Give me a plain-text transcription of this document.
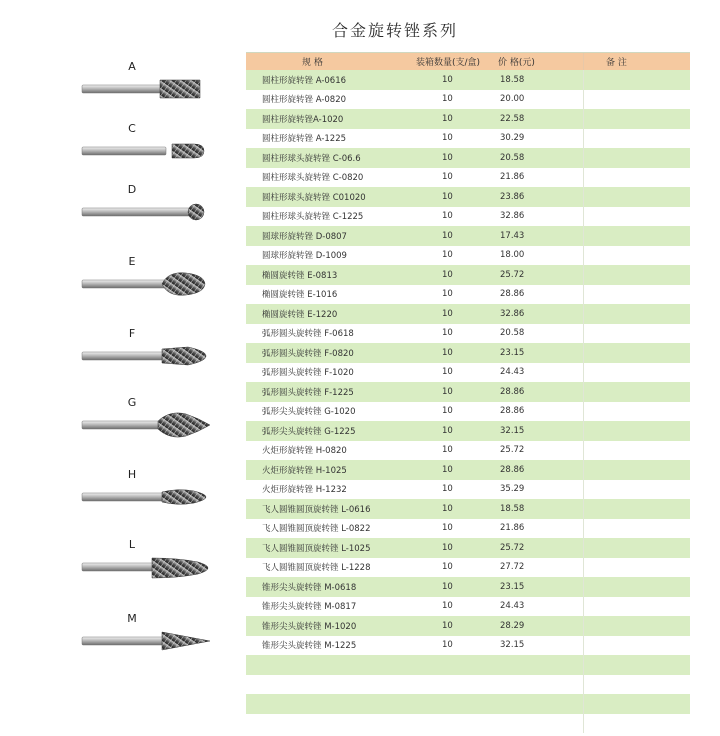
合金旋转锉系列
A
C
D
E
F
G
H
L
M
规 格	装箱数量(支/盒)	价 格(元)	备 注
圆柱形旋转锉 A-0616	10	18.58
圆柱形旋转锉 A-0820	10	20.00
圆柱形旋转锉A-1020	10	22.58
圆柱形旋转锉 A-1225	10	30.29
圆柱形球头旋转锉 C-06.6	10	20.58
圆柱形球头旋转锉 C-0820	10	21.86
圆柱形球头旋转锉 C01020	10	23.86
圆柱形球头旋转锉 C-1225	10	32.86
圆球形旋转锉 D-0807	10	17.43
圆球形旋转锉 D-1009	10	18.00
椭圆旋转锉 E-0813	10	25.72
椭圆旋转锉 E-1016	10	28.86
椭圆旋转锉 E-1220	10	32.86
弧形圆头旋转锉 F-0618	10	20.58
弧形圆头旋转锉 F-0820	10	23.15
弧形圆头旋转锉 F-1020	10	24.43
弧形圆头旋转锉 F-1225	10	28.86
弧形尖头旋转锉 G-1020	10	28.86
弧形尖头旋转锉 G-1225	10	32.15
火炬形旋转锉 H-0820	10	25.72
火炬形旋转锉 H-1025	10	28.86
火炬形旋转锉 H-1232	10	35.29
飞人圆锥圆顶旋转锉 L-0616	10	18.58
飞人圆锥圆顶旋转锉 L-0822	10	21.86
飞人圆锥圆顶旋转锉 L-1025	10	25.72
飞人圆锥圆顶旋转锉 L-1228	10	27.72
锥形尖头旋转锉 M-0618	10	23.15
锥形尖头旋转锉 M-0817	10	24.43
锥形尖头旋转锉 M-1020	10	28.29
锥形尖头旋转锉 M-1225	10	32.15
